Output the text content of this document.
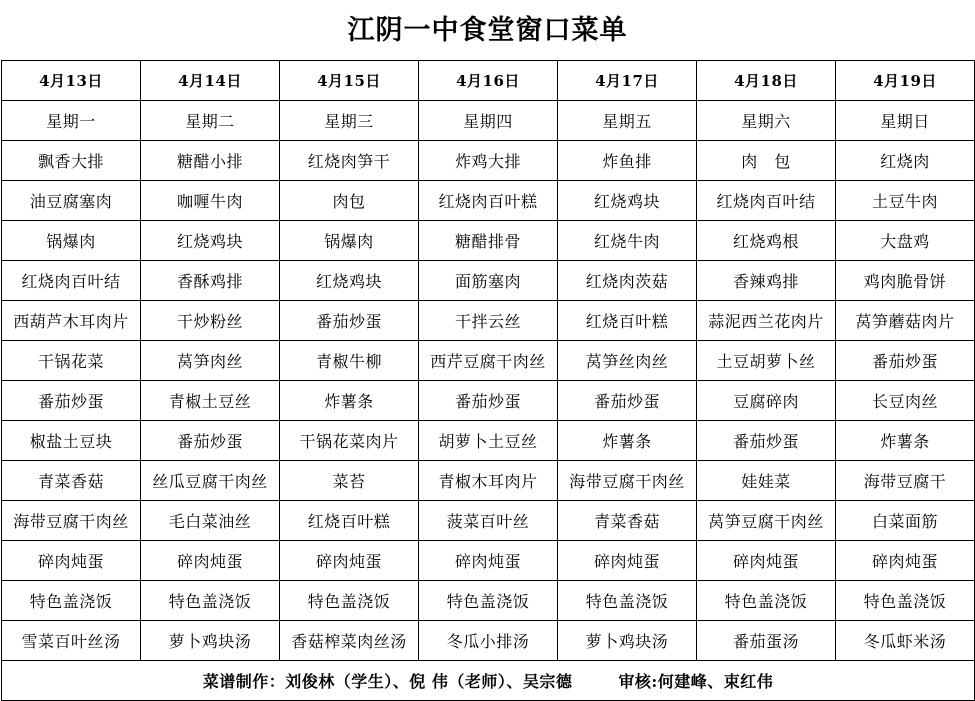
江阴一中食堂窗口菜单
4月13日	4月14日	4月15日	4月16日	4月17日	4月18日	4月19日
星期一	星期二	星期三	星期四	星期五	星期六	星期日
飘香大排	糖醋小排	红烧肉笋干	炸鸡大排	炸鱼排	肉　包	红烧肉
油豆腐塞肉	咖喱牛肉	肉包	红烧肉百叶糕	红烧鸡块	红烧肉百叶结	土豆牛肉
锅爆肉	红烧鸡块	锅爆肉	糖醋排骨	红烧牛肉	红烧鸡根	大盘鸡
红烧肉百叶结	香酥鸡排	红烧鸡块	面筋塞肉	红烧肉茨菇	香辣鸡排	鸡肉脆骨饼
西葫芦木耳肉片	干炒粉丝	番茄炒蛋	干拌云丝	红烧百叶糕	蒜泥西兰花肉片	莴笋蘑菇肉片
干锅花菜	莴笋肉丝	青椒牛柳	西芹豆腐干肉丝	莴笋丝肉丝	土豆胡萝卜丝	番茄炒蛋
番茄炒蛋	青椒土豆丝	炸薯条	番茄炒蛋	番茄炒蛋	豆腐碎肉	长豆肉丝
椒盐土豆块	番茄炒蛋	干锅花菜肉片	胡萝卜土豆丝	炸薯条	番茄炒蛋	炸薯条
青菜香菇	丝瓜豆腐干肉丝	菜苔	青椒木耳肉片	海带豆腐干肉丝	娃娃菜	海带豆腐干
海带豆腐干肉丝	毛白菜油丝	红烧百叶糕	菠菜百叶丝	青菜香菇	莴笋豆腐干肉丝	白菜面筋
碎肉炖蛋	碎肉炖蛋	碎肉炖蛋	碎肉炖蛋	碎肉炖蛋	碎肉炖蛋	碎肉炖蛋
特色盖浇饭	特色盖浇饭	特色盖浇饭	特色盖浇饭	特色盖浇饭	特色盖浇饭	特色盖浇饭
雪菜百叶丝汤	萝卜鸡块汤	香菇榨菜肉丝汤	冬瓜小排汤	萝卜鸡块汤	番茄蛋汤	冬瓜虾米汤
菜谱制作：刘俊林（学生）、倪 伟（老师）、吴宗德 审核:何建峰、束红伟						
